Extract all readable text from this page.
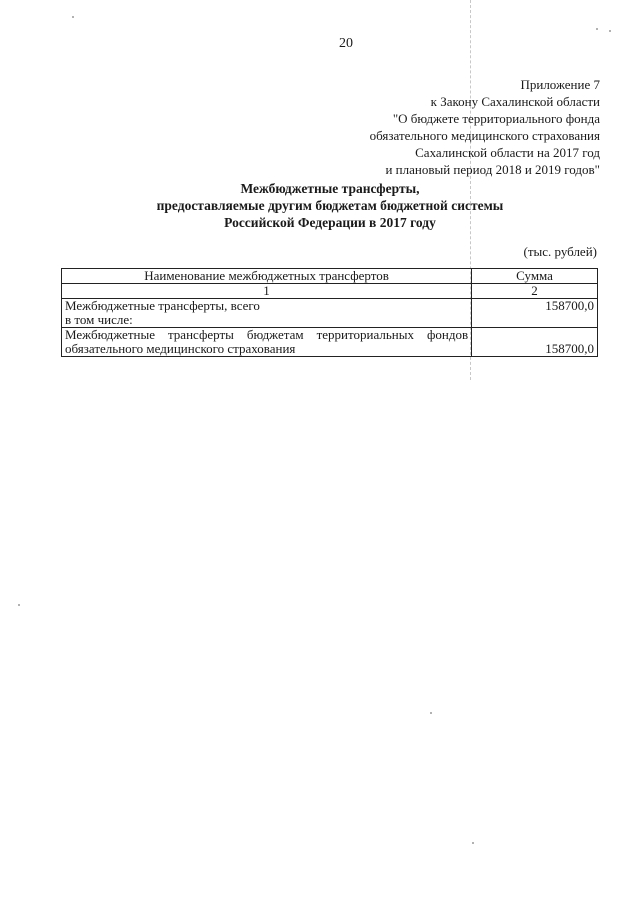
20
Приложение 7
к Закону Сахалинской области
"О бюджете территориального фонда
обязательного медицинского страхования
Сахалинской области на 2017 год
и плановый период 2018 и 2019 годов"
Межбюджетные трансферты,
предоставляемые другим бюджетам бюджетной системы
Российской Федерации в 2017 году
(тыс. рублей)
Наименование межбюджетных трансфертов	Сумма
1	2

Межбюджетные трансферты, всего
в том числе:	158700,0
Межбюджетные трансферты бюджетам территориальных фондов обязательного медицинского страхования	158700,0
